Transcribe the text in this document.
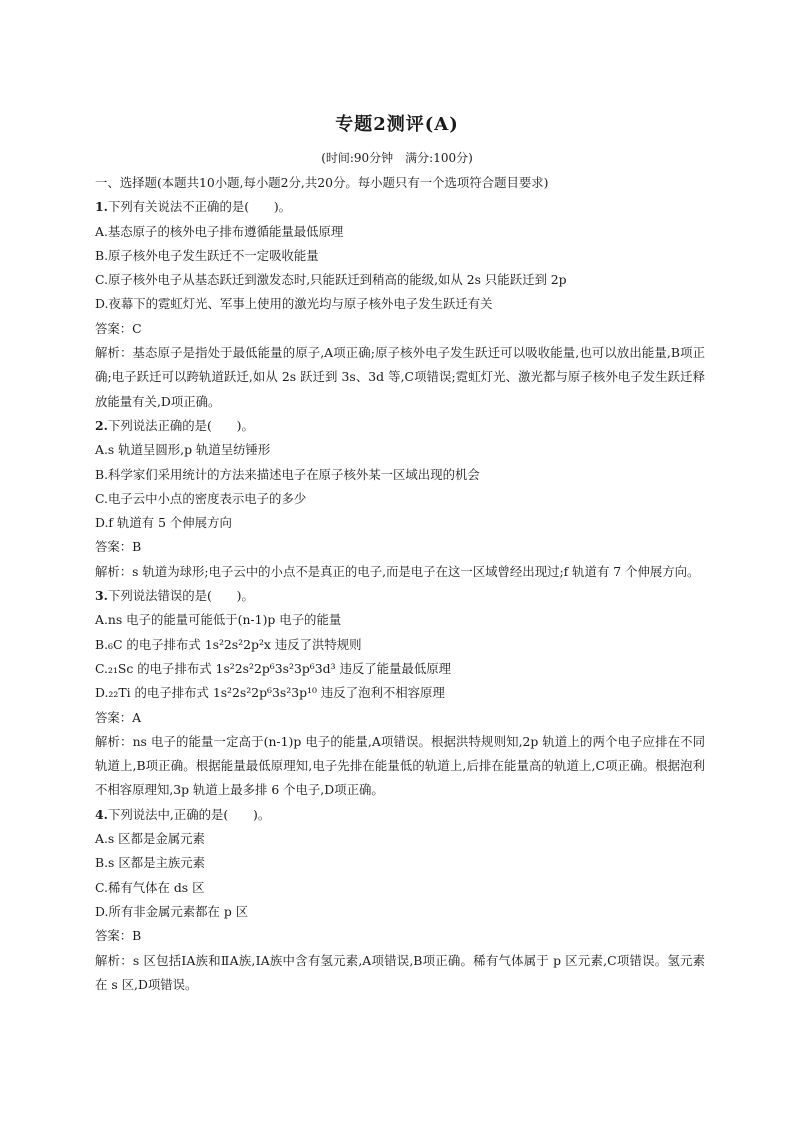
专题2测评(A)
(时间:90分钟　满分:100分)
一、选择题(本题共10小题,每小题2分,共20分。每小题只有一个选项符合题目要求)
1.下列有关说法不正确的是(　　)。
A.基态原子的核外电子排布遵循能量最低原理
B.原子核外电子发生跃迁不一定吸收能量
C.原子核外电子从基态跃迁到激发态时,只能跃迁到稍高的能级,如从 2s 只能跃迁到 2p
D.夜幕下的霓虹灯光、军事上使用的激光均与原子核外电子发生跃迁有关
答案：C
解析：基态原子是指处于最低能量的原子,A项正确;原子核外电子发生跃迁可以吸收能量,也可以放出能量,B项正确;电子跃迁可以跨轨道跃迁,如从 2s 跃迁到 3s、3d 等,C项错误;霓虹灯光、激光都与原子核外电子发生跃迁释放能量有关,D项正确。
2.下列说法正确的是(　　)。
A.s 轨道呈圆形,p 轨道呈纺锤形
B.科学家们采用统计的方法来描述电子在原子核外某一区域出现的机会
C.电子云中小点的密度表示电子的多少
D.f 轨道有 5 个伸展方向
答案：B
解析：s 轨道为球形;电子云中的小点不是真正的电子,而是电子在这一区域曾经出现过;f 轨道有 7 个伸展方向。
3.下列说法错误的是(　　)。
A.ns 电子的能量可能低于(n-1)p 电子的能量
B.₆C 的电子排布式 1s²2s²2p²x 违反了洪特规则
C.₂₁Sc 的电子排布式 1s²2s²2p⁶3s²3p⁶3d³ 违反了能量最低原理
D.₂₂Ti 的电子排布式 1s²2s²2p⁶3s²3p¹⁰ 违反了泡利不相容原理
答案：A
解析：ns 电子的能量一定高于(n-1)p 电子的能量,A项错误。根据洪特规则知,2p 轨道上的两个电子应排在不同轨道上,B项正确。根据能量最低原理知,电子先排在能量低的轨道上,后排在能量高的轨道上,C项正确。根据泡利不相容原理知,3p 轨道上最多排 6 个电子,D项正确。
4.下列说法中,正确的是(　　)。
A.s 区都是金属元素
B.s 区都是主族元素
C.稀有气体在 ds 区
D.所有非金属元素都在 p 区
答案：B
解析：s 区包括ⅠA族和ⅡA族,ⅠA族中含有氢元素,A项错误,B项正确。稀有气体属于 p 区元素,C项错误。氢元素在 s 区,D项错误。
